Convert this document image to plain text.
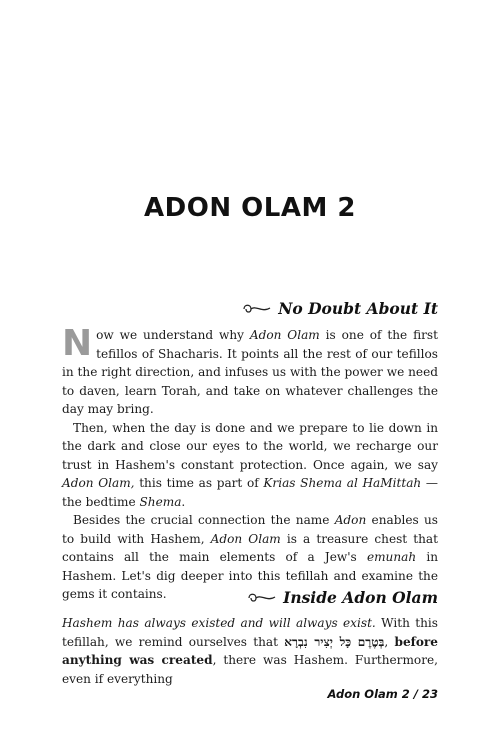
ADON OLAM 2
No Doubt About It

Now we understand why Adon Olam is one of the first tefillos of Shacharis. It points all the rest of our tefillos in the right direction, and infuses us with the power we need to daven, learn Torah, and take on whatever challenges the day may bring.

Then, when the day is done and we prepare to lie down in the dark and close our eyes to the world, we recharge our trust in Hashem's constant protection. Once again, we say Adon Olam, this time as part of Krias Shema al HaMittah — the bedtime Shema.

Besides the crucial connection the name Adon enables us to build with Hashem, Adon Olam is a treasure chest that contains all the main elements of a Jew's emunah in Hashem. Let's dig deeper into this tefillah and examine the gems it contains.	Inside Adon Olam

Hashem has always existed and will always exist. With this tefillah, we remind ourselves that בְּטֶרֶם כָּל יְצִיר נִבְרָא, before anything was created, there was Hashem. Furthermore, even if everything

Adon Olam 2 / 23
